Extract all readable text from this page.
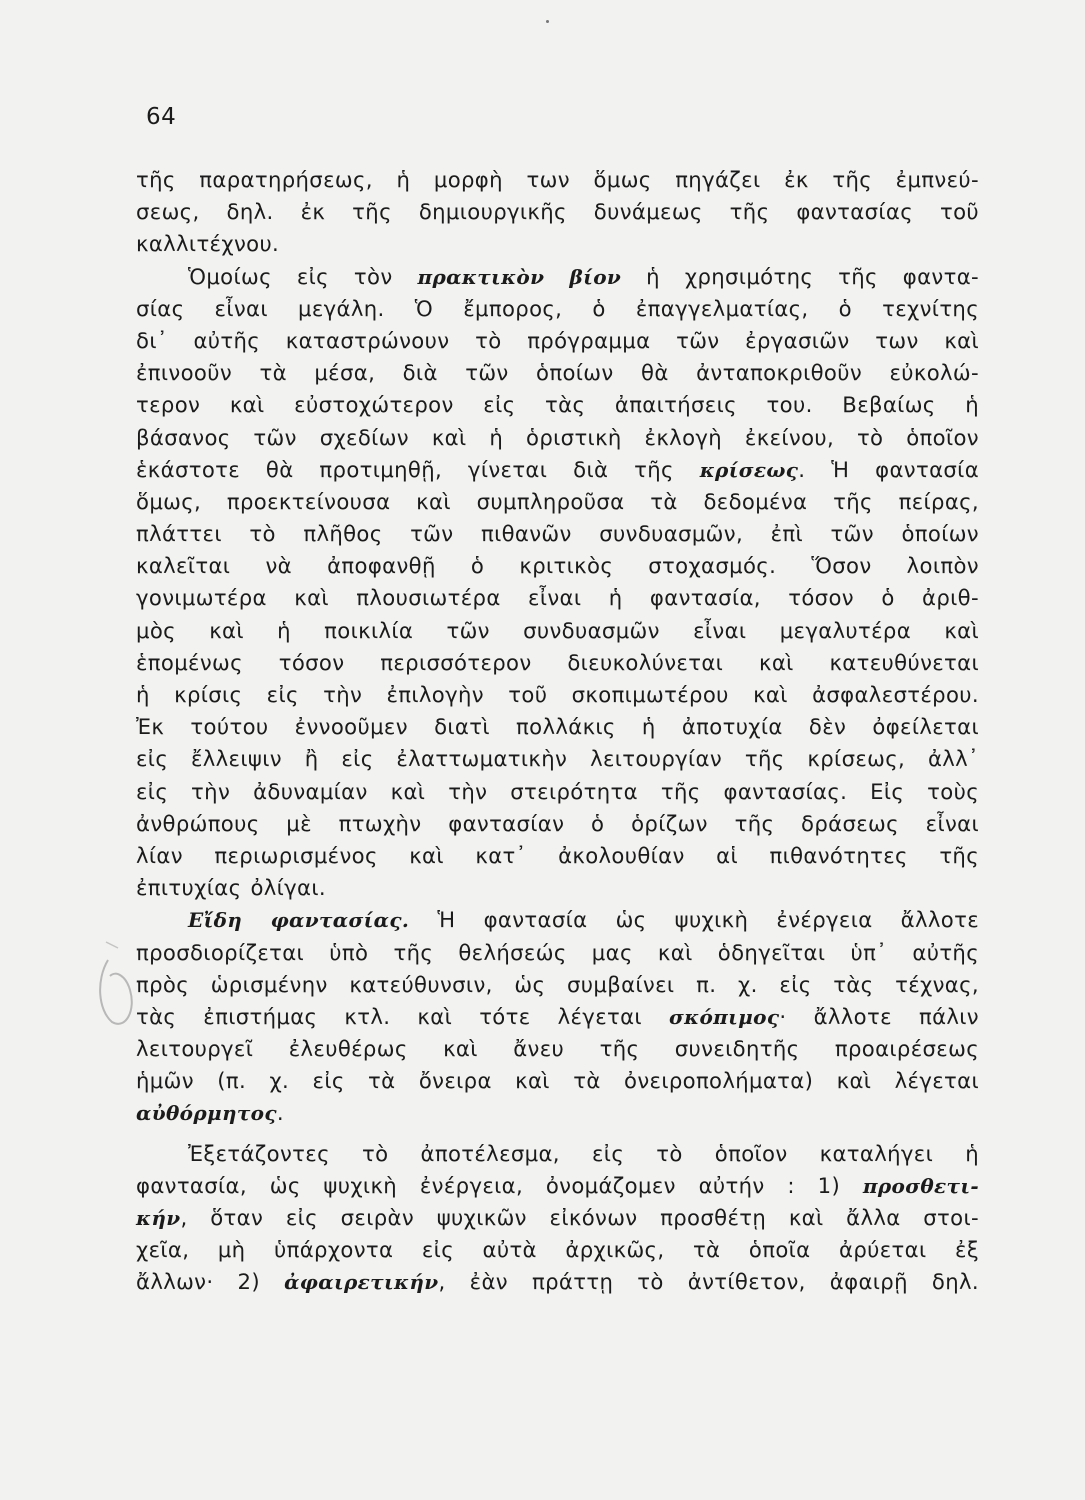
64
τῆς παρατηρήσεως, ἡ μορφὴ των ὅμως πηγάζει ἐκ τῆς ἐμπνεύ-
σεως, δηλ. ἐκ τῆς δημιουργικῆς δυνάμεως τῆς φαντασίας τοῦ
καλλιτέχνου.
Ὁμοίως εἰς τὸν πρακτικὸν βίον ἡ χρησιμότης τῆς φαντα-
σίας εἶναι μεγάλη. Ὁ ἔμπορος, ὁ ἐπαγγελματίας, ὁ τεχνίτης
δι᾿ αὐτῆς καταστρώνουν τὸ πρόγραμμα τῶν ἐργασιῶν των καὶ
ἐπινοοῦν τὰ μέσα, διὰ τῶν ὁποίων θὰ ἀνταποκριθοῦν εὐκολώ-
τερον καὶ εὐστοχώτερον εἰς τὰς ἀπαιτήσεις του. Βεβαίως ἡ
βάσανος τῶν σχεδίων καὶ ἡ ὁριστικὴ ἐκλογὴ ἐκείνου, τὸ ὁποῖον
ἑκάστοτε θὰ προτιμηθῇ, γίνεται διὰ τῆς κρίσεως. Ἡ φαντασία
ὅμως, προεκτείνουσα καὶ συμπληροῦσα τὰ δεδομένα τῆς πείρας,
πλάττει τὸ πλῆθος τῶν πιθανῶν συνδυασμῶν, ἐπὶ τῶν ὁποίων
καλεῖται νὰ ἀποφανθῇ ὁ κριτικὸς στοχασμός. Ὅσον λοιπὸν
γονιμωτέρα καὶ πλουσιωτέρα εἶναι ἡ φαντασία, τόσον ὁ ἀριθ-
μὸς καὶ ἡ ποικιλία τῶν συνδυασμῶν εἶναι μεγαλυτέρα καὶ
ἑπομένως τόσον περισσότερον διευκολύνεται καὶ κατευθύνεται
ἡ κρίσις εἰς τὴν ἐπιλογὴν τοῦ σκοπιμωτέρου καὶ ἀσφαλεστέρου.
Ἐκ τούτου ἐννοοῦμεν διατὶ πολλάκις ἡ ἀποτυχία δὲν ὀφείλεται
εἰς ἔλλειψιν ἢ εἰς ἐλαττωματικὴν λειτουργίαν τῆς κρίσεως, ἀλλ᾿
εἰς τὴν ἀδυναμίαν καὶ τὴν στειρότητα τῆς φαντασίας. Εἰς τοὺς
ἀνθρώπους μὲ πτωχὴν φαντασίαν ὁ ὁρίζων τῆς δράσεως εἶναι
λίαν περιωρισμένος καὶ κατ᾿ ἀκολουθίαν αἱ πιθανότητες τῆς
ἐπιτυχίας ὀλίγαι.
Εἴδη φαντασίας. Ἡ φαντασία ὡς ψυχικὴ ἐνέργεια ἄλλοτε
προσδιορίζεται ὑπὸ τῆς θελήσεώς μας καὶ ὁδηγεῖται ὑπ᾿ αὐτῆς
πρὸς ὡρισμένην κατεύθυνσιν, ὡς συμβαίνει π. χ. εἰς τὰς τέχνας,
τὰς ἐπιστήμας κτλ. καὶ τότε λέγεται σκόπιμος· ἄλλοτε πάλιν
λειτουργεῖ ἐλευθέρως καὶ ἄνευ τῆς συνειδητῆς προαιρέσεως
ἡμῶν (π. χ. εἰς τὰ ὄνειρα καὶ τὰ ὀνειροπολήματα) καὶ λέγεται
αὐθόρμητος.
Ἐξετάζοντες τὸ ἀποτέλεσμα, εἰς τὸ ὁποῖον καταλήγει ἡ
φαντασία, ὡς ψυχικὴ ἐνέργεια, ὀνομάζομεν αὐτήν : 1) προσθετι-
κήν, ὅταν εἰς σειρὰν ψυχικῶν εἰκόνων προσθέτῃ καὶ ἄλλα στοι-
χεῖα, μὴ ὑπάρχοντα εἰς αὐτὰ ἀρχικῶς, τὰ ὁποῖα ἀρύεται ἐξ
ἄλλων· 2) ἀφαιρετικήν, ἐὰν πράττῃ τὸ ἀντίθετον, ἀφαιρῇ δηλ.
